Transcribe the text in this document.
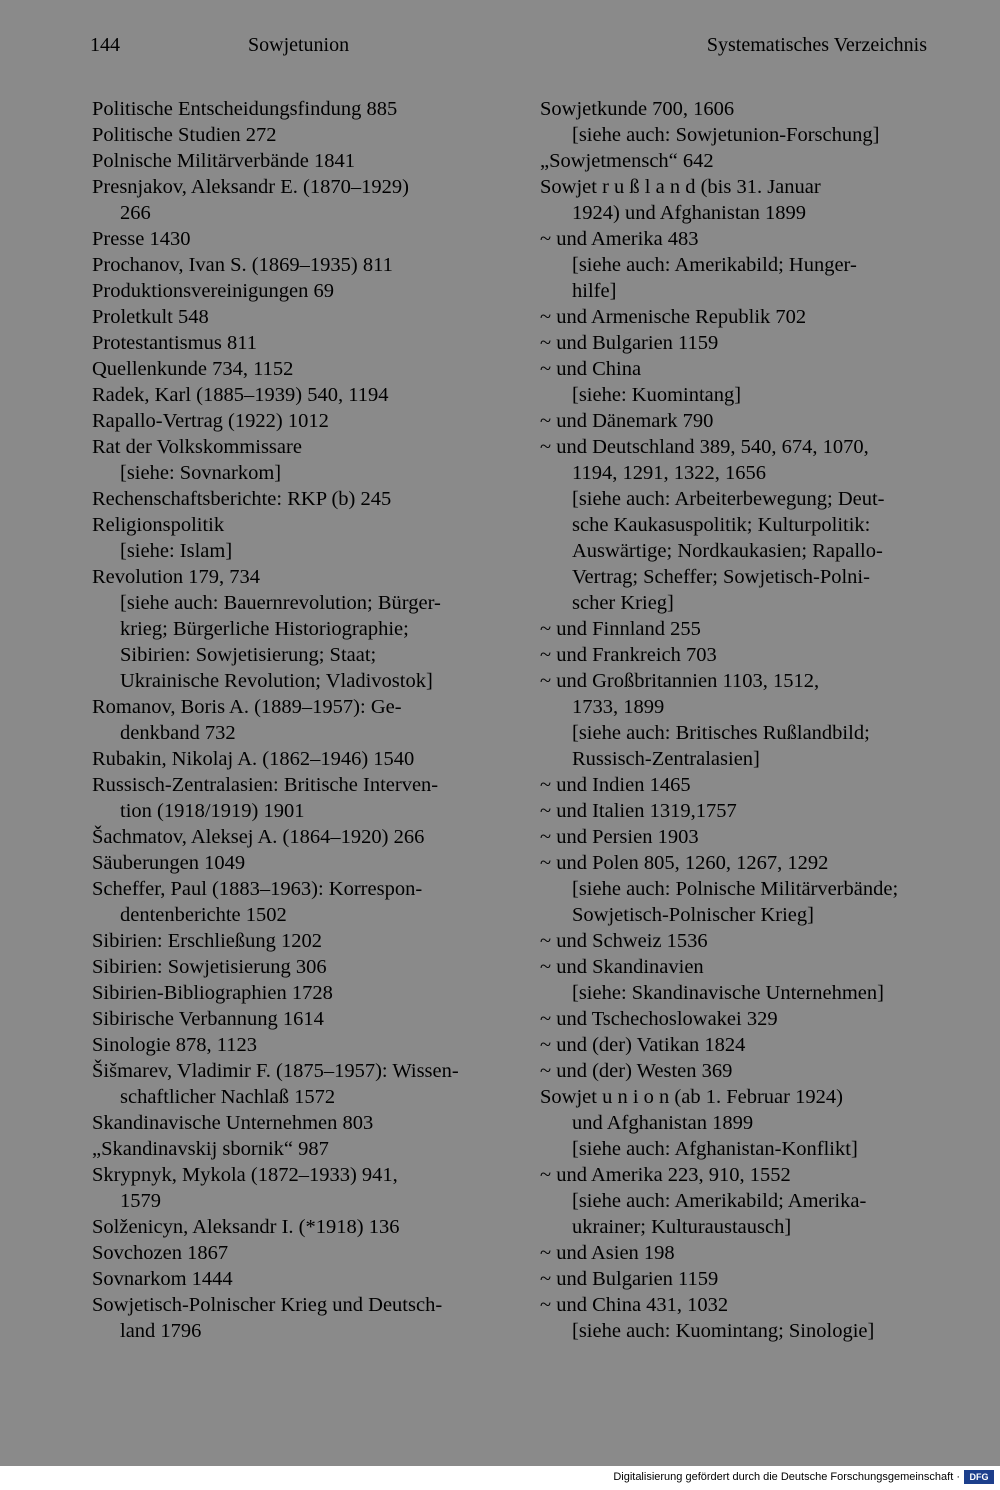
144	Sowjetunion	Systematisches Verzeichnis
Politische Entscheidungsfindung 885
Politische Studien 272
Polnische Militärverbände 1841
Presnjakov, Aleksandr E. (1870–1929)
266
Presse 1430
Prochanov, Ivan S. (1869–1935) 811
Produktionsvereinigungen 69
Proletkult 548
Protestantismus 811
Quellenkunde 734, 1152
Radek, Karl (1885–1939) 540, 1194
Rapallo-Vertrag (1922) 1012
Rat der Volkskommissare
[siehe: Sovnarkom]
Rechenschaftsberichte: RKP (b) 245
Religionspolitik
[siehe: Islam]
Revolution 179, 734
[siehe auch: Bauernrevolution; Bürger-
krieg; Bürgerliche Historiographie;
Sibirien: Sowjetisierung; Staat;
Ukrainische Revolution; Vladivostok]
Romanov, Boris A. (1889–1957): Ge-
denkband 732
Rubakin, Nikolaj A. (1862–1946) 1540
Russisch-Zentralasien: Britische Interven-
tion (1918/1919) 1901
Šachmatov, Aleksej A. (1864–1920) 266
Säuberungen 1049
Scheffer, Paul (1883–1963): Korrespon-
dentenberichte 1502
Sibirien: Erschließung 1202
Sibirien: Sowjetisierung 306
Sibirien-Bibliographien 1728
Sibirische Verbannung 1614
Sinologie 878, 1123
Šišmarev, Vladimir F. (1875–1957): Wissen-
schaftlicher Nachlaß 1572
Skandinavische Unternehmen 803
„Skandinavskij sbornik“ 987
Skrypnyk, Mykola (1872–1933) 941,
1579
Solženicyn, Aleksandr I. (*1918) 136
Sovchozen 1867
Sovnarkom 1444
Sowjetisch-Polnischer Krieg und Deutsch-
land 1796
Sowjetkunde 700, 1606
[siehe auch: Sowjetunion-Forschung]
„Sowjetmensch“ 642
Sowjet r u ß l a n d (bis 31. Januar
1924) und Afghanistan 1899
~ und Amerika 483
[siehe auch: Amerikabild; Hunger-
hilfe]
~ und Armenische Republik 702
~ und Bulgarien 1159
~ und China
[siehe: Kuomintang]
~ und Dänemark 790
~ und Deutschland 389, 540, 674, 1070,
1194, 1291, 1322, 1656
[siehe auch: Arbeiterbewegung; Deut-
sche Kaukasuspolitik; Kulturpolitik:
Auswärtige; Nordkaukasien; Rapallo-
Vertrag; Scheffer; Sowjetisch-Polni-
scher Krieg]
~ und Finnland 255
~ und Frankreich 703
~ und Großbritannien 1103, 1512,
1733, 1899
[siehe auch: Britisches Rußlandbild;
Russisch-Zentralasien]
~ und Indien 1465
~ und Italien 1319,1757
~ und Persien 1903
~ und Polen 805, 1260, 1267, 1292
[siehe auch: Polnische Militärverbände;
Sowjetisch-Polnischer Krieg]
~ und Schweiz 1536
~ und Skandinavien
[siehe: Skandinavische Unternehmen]
~ und Tschechoslowakei 329
~ und (der) Vatikan 1824
~ und (der) Westen 369
Sowjet u n i o n (ab 1. Februar 1924)
und Afghanistan 1899
[siehe auch: Afghanistan-Konflikt]
~ und Amerika 223, 910, 1552
[siehe auch: Amerikabild; Amerika-
ukrainer; Kulturaustausch]
~ und Asien 198
~ und Bulgarien 1159
~ und China 431, 1032
[siehe auch: Kuomintang; Sinologie]
Digitalisierung gefördert durch die Deutsche Forschungsgemeinschaft ·	DFG
